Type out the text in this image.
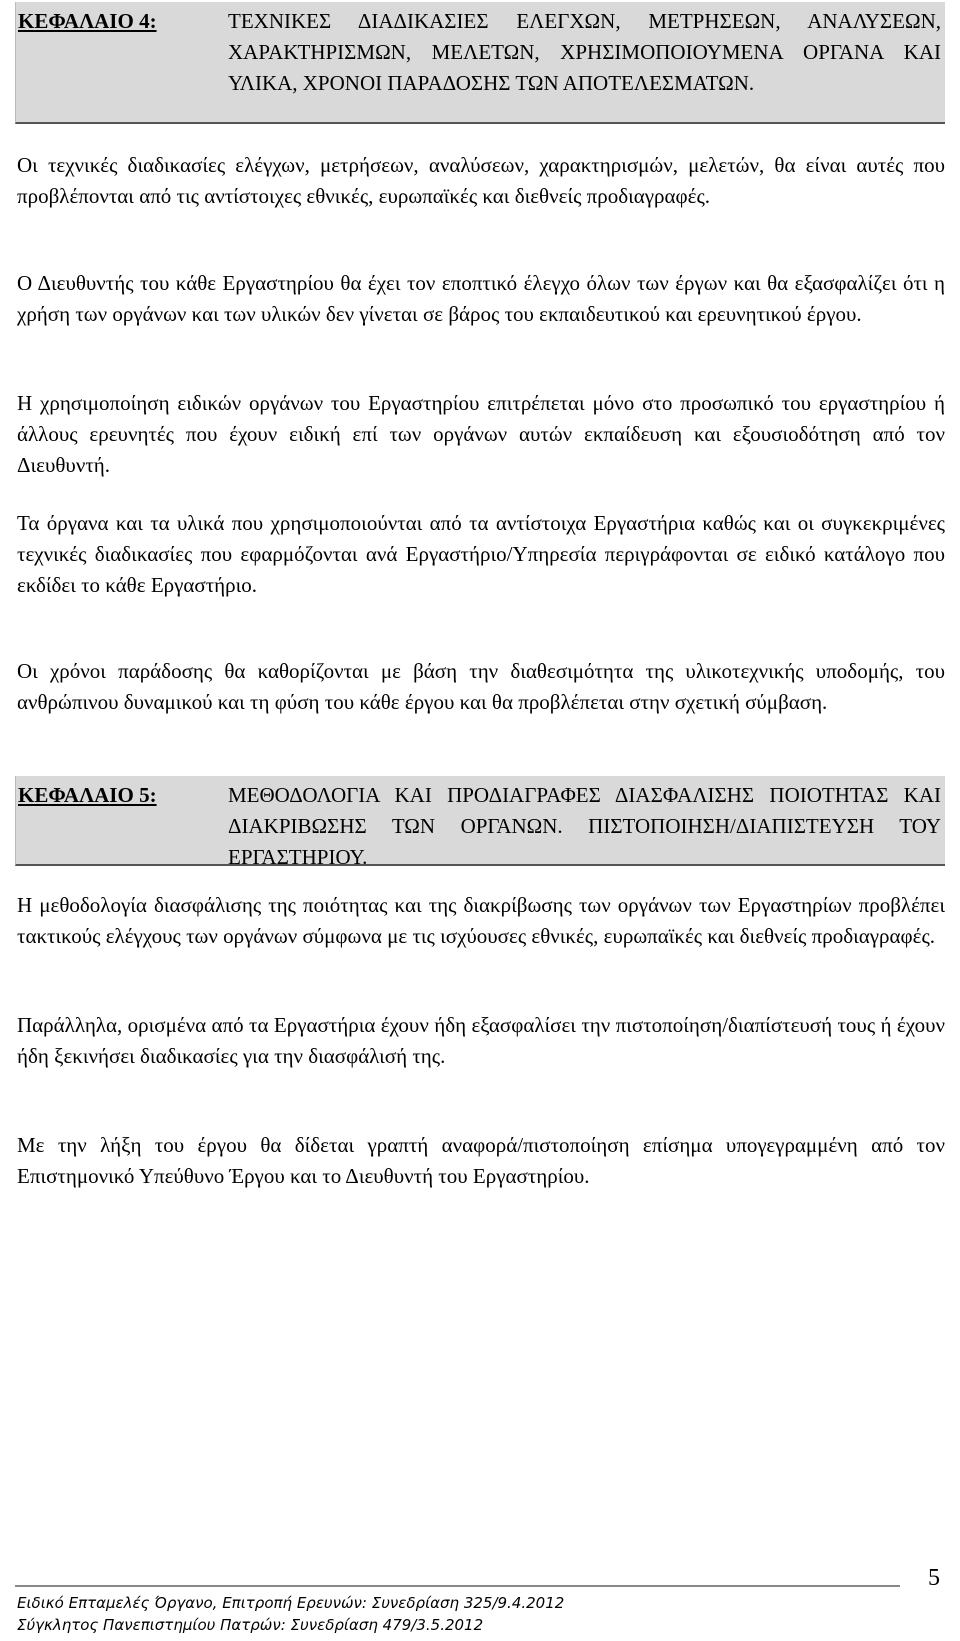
ΚΕΦΑΛΑΙΟ 4:	ΤΕΧΝΙΚΕΣ ΔΙΑΔΙΚΑΣΙΕΣ ΕΛΕΓΧΩΝ, ΜΕΤΡΗΣΕΩΝ, ΑΝΑΛΥΣΕΩΝ, ΧΑΡΑΚΤΗΡΙΣΜΩΝ, ΜΕΛΕΤΩΝ, ΧΡΗΣΙΜΟΠΟΙΟΥΜΕΝΑ ΟΡΓΑΝΑ ΚΑΙ ΥΛΙΚΑ, ΧΡΟΝΟΙ ΠΑΡΑΔΟΣΗΣ ΤΩΝ ΑΠΟΤΕΛΕΣΜΑΤΩΝ.

Οι τεχνικές διαδικασίες ελέγχων, μετρήσεων, αναλύσεων, χαρακτηρισμών, μελετών, θα είναι αυτές που προβλέπονται από τις αντίστοιχες εθνικές, ευρωπαϊκές και διεθνείς προδιαγραφές.

Ο Διευθυντής του κάθε Εργαστηρίου θα έχει τον εποπτικό έλεγχο όλων των έργων και θα εξασφαλίζει ότι η χρήση των οργάνων και των υλικών δεν γίνεται σε βάρος του εκπαιδευτικού και ερευνητικού έργου.

Η χρησιμοποίηση ειδικών οργάνων του Εργαστηρίου επιτρέπεται μόνο στο προσωπικό του εργαστηρίου ή άλλους ερευνητές που έχουν ειδική επί των οργάνων αυτών εκπαίδευση και εξουσιοδότηση από τον Διευθυντή.

Τα όργανα και τα υλικά που χρησιμοποιούνται από τα αντίστοιχα Εργαστήρια καθώς και οι συγκεκριμένες τεχνικές διαδικασίες που εφαρμόζονται ανά Εργαστήριο/Υπηρεσία περιγράφονται σε ειδικό κατάλογο που εκδίδει το κάθε Εργαστήριο.

Οι χρόνοι παράδοσης θα καθορίζονται με βάση την διαθεσιμότητα της υλικοτεχνικής υποδομής, του ανθρώπινου δυναμικού και τη φύση του κάθε έργου και θα προβλέπεται στην σχετική σύμβαση.

ΚΕΦΑΛΑΙΟ 5:	ΜΕΘΟΔΟΛΟΓΙΑ ΚΑΙ ΠΡΟΔΙΑΓΡΑΦΕΣ ΔΙΑΣΦΑΛΙΣΗΣ ΠΟΙΟΤΗΤΑΣ ΚΑΙ ΔΙΑΚΡΙΒΩΣΗΣ ΤΩΝ ΟΡΓΑΝΩΝ. ΠΙΣΤΟΠΟΙΗΣΗ/ΔΙΑΠΙΣΤΕΥΣΗ ΤΟΥ ΕΡΓΑΣΤΗΡΙΟΥ.

Η μεθοδολογία διασφάλισης της ποιότητας και της διακρίβωσης των οργάνων των Εργαστηρίων προβλέπει τακτικούς ελέγχους των οργάνων σύμφωνα με τις ισχύουσες εθνικές, ευρωπαϊκές και διεθνείς προδιαγραφές.

Παράλληλα, ορισμένα από τα Εργαστήρια έχουν ήδη εξασφαλίσει την πιστοποίηση/διαπίστευσή τους ή έχουν ήδη ξεκινήσει διαδικασίες για την διασφάλισή της.

Με την λήξη του έργου θα δίδεται γραπτή αναφορά/πιστοποίηση επίσημα υπογεγραμμένη από τον Επιστημονικό Υπεύθυνο Έργου και το Διευθυντή του Εργαστηρίου.

Ειδικό Επταμελές Όργανο, Επιτροπή Ερευνών: Συνεδρίαση 325/9.4.2012

Σύγκλητος Πανεπιστημίου Πατρών: Συνεδρίαση 479/3.5.2012

5
